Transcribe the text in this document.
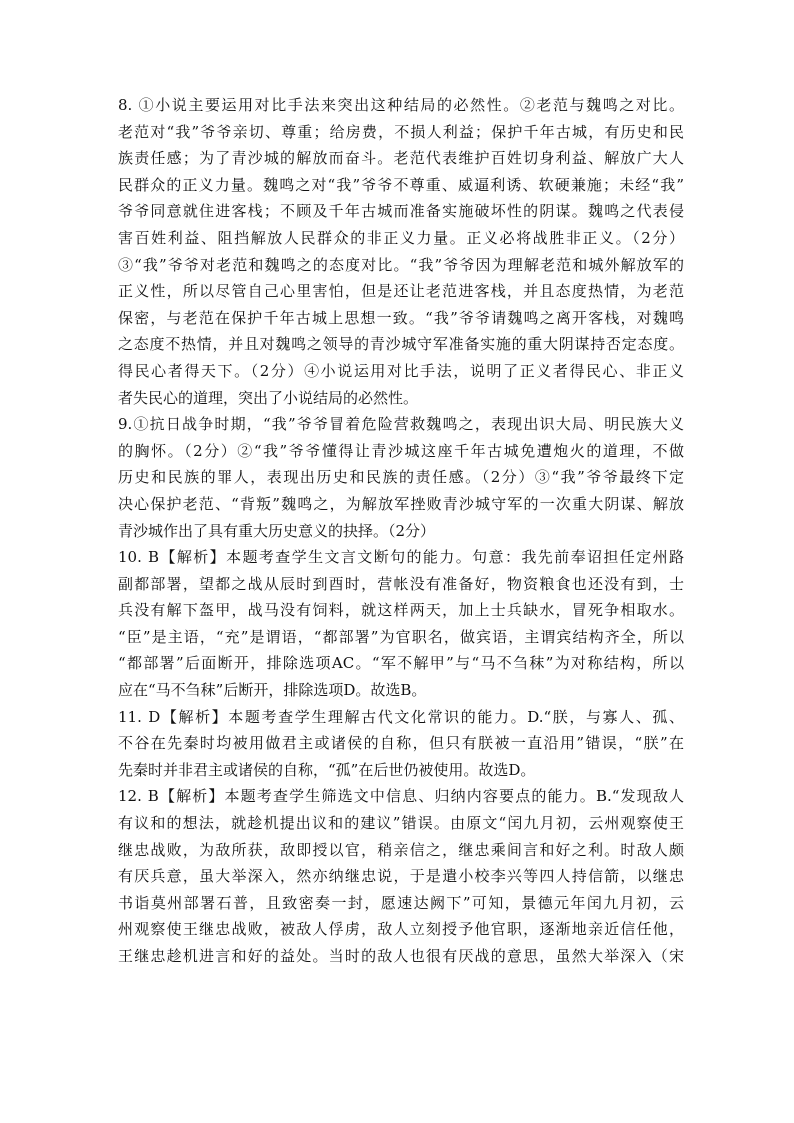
8. ①小说主要运用对比手法来突出这种结局的必然性。②老范与魏鸣之对比。
老范对“我”爷爷亲切、尊重；给房费，不损人利益；保护千年古城，有历史和民
族责任感；为了青沙城的解放而奋斗。老范代表维护百姓切身利益、解放广大人
民群众的正义力量。魏鸣之对“我”爷爷不尊重、威逼利诱、软硬兼施；未经“我”
爷爷同意就住进客栈；不顾及千年古城而准备实施破坏性的阴谋。魏鸣之代表侵
害百姓利益、阻挡解放人民群众的非正义力量。正义必将战胜非正义。（2分）
③“我”爷爷对老范和魏鸣之的态度对比。“我”爷爷因为理解老范和城外解放军的
正义性，所以尽管自己心里害怕，但是还让老范进客栈，并且态度热情，为老范
保密，与老范在保护千年古城上思想一致。“我”爷爷请魏鸣之离开客栈，对魏鸣
之态度不热情，并且对魏鸣之领导的青沙城守军准备实施的重大阴谋持否定态度。
得民心者得天下。（2分）④小说运用对比手法，说明了正义者得民心、非正义
者失民心的道理，突出了小说结局的必然性。
9.①抗日战争时期，“我”爷爷冒着危险营救魏鸣之，表现出识大局、明民族大义
的胸怀。（2分）②“我”爷爷懂得让青沙城这座千年古城免遭炮火的道理，不做
历史和民族的罪人，表现出历史和民族的责任感。（2分）③“我”爷爷最终下定
决心保护老范、“背叛”魏鸣之，为解放军挫败青沙城守军的一次重大阴谋、解放
青沙城作出了具有重大历史意义的抉择。（2分）
10. B【解析】本题考查学生文言文断句的能力。句意：我先前奉诏担任定州路
副都部署，望都之战从辰时到酉时，营帐没有准备好，物资粮食也还没有到，士
兵没有解下盔甲，战马没有饲料，就这样两天，加上士兵缺水，冒死争相取水。
“臣”是主语，“充”是谓语，“都部署”为官职名，做宾语，主谓宾结构齐全，所以
“都部署”后面断开，排除选项AC。“军不解甲”与“马不刍秣”为对称结构，所以
应在“马不刍秣”后断开，排除选项D。故选B。
11. D【解析】本题考查学生理解古代文化常识的能力。D.“朕，与寡人、孤、
不谷在先秦时均被用做君主或诸侯的自称，但只有朕被一直沿用”错误，“朕”在
先秦时并非君主或诸侯的自称，“孤”在后世仍被使用。故选D。
12. B【解析】本题考查学生筛选文中信息、归纳内容要点的能力。B.“发现敌人
有议和的想法，就趁机提出议和的建议”错误。由原文“闰九月初，云州观察使王
继忠战败，为敌所获，敌即授以官，稍亲信之，继忠乘间言和好之利。时敌人颇
有厌兵意，虽大举深入，然亦纳继忠说，于是遣小校李兴等四人持信箭，以继忠
书诣莫州部署石普，且致密奏一封，愿速达阙下”可知，景德元年闰九月初，云
州观察使王继忠战败，被敌人俘虏，敌人立刻授予他官职，逐渐地亲近信任他，
王继忠趁机进言和好的益处。当时的敌人也很有厌战的意思，虽然大举深入（宋
